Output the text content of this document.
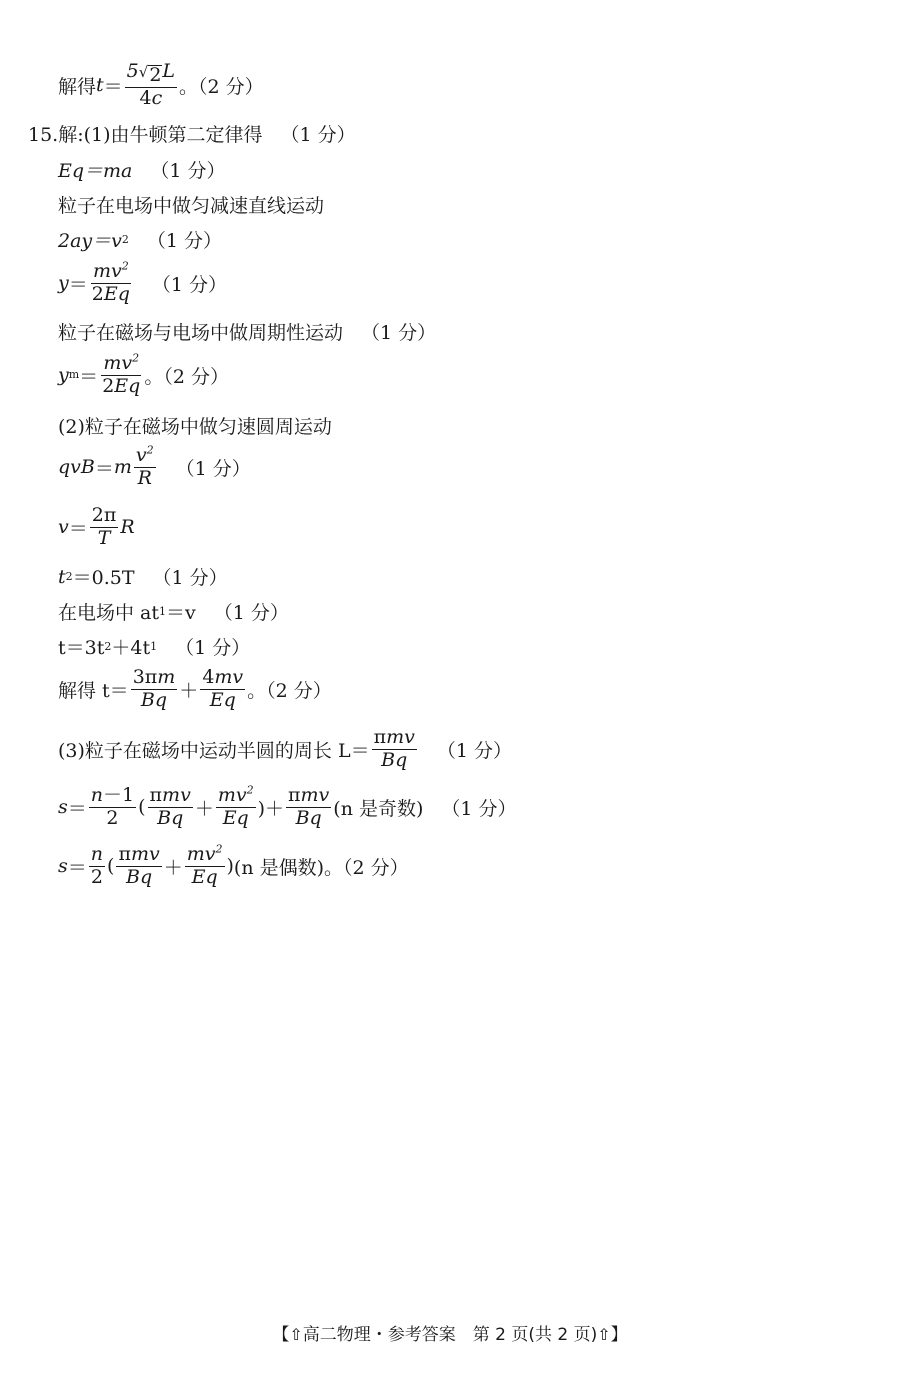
解得 $t = \frac{5 √ 2 L}{4c}$ 。（2 分）
15.解:(1)由牛顿第二定律得 （1 分）
Eq＝ma （1 分）
粒子在电场中做匀减速直线运动
2ay＝v 2 （1 分）
$y = \frac{mv^2}{2Eq} (1$ 分）
粒子在磁场与电场中做周期性运动 （1 分）
y $m = \frac{mv^2}{2Eq}$ 。（2 分）
(2)粒子在磁场中做匀速圆周运动
qvB ＝ m $\frac{v^2}{R} (1$ 分）
$v = \frac{2\pi}{T}$ R
t 2 ＝0.5T （1 分）
在电场中 at 1 ＝v （1 分）
t＝3t 2 ＋4t 1 （1 分）
解得 $t= \frac{3\pi m}{Bq} + \frac{4mv}{Eq}$ 。（2 分）
(3)粒子在磁场中运动半圆的周长 $L= \frac{\text{πmv}}{Bq} (1$ 分）
$s = \frac{n-1}{2}$ ( $\frac{\text{πmv}}{Bq} + \frac{mv^2}{Eq}$ )＋ $\frac{\text{πmv}}{Bq} (n$ 是奇数) （1 分）
$s = \frac{n}{2}$ ( $\frac{\text{πmv}}{Bq} + \frac{mv^2}{Eq}$ ) (n 是偶数) 。（2 分）
【⇧高二物理・参考答案　第 2 页(共 2 页)⇧】
